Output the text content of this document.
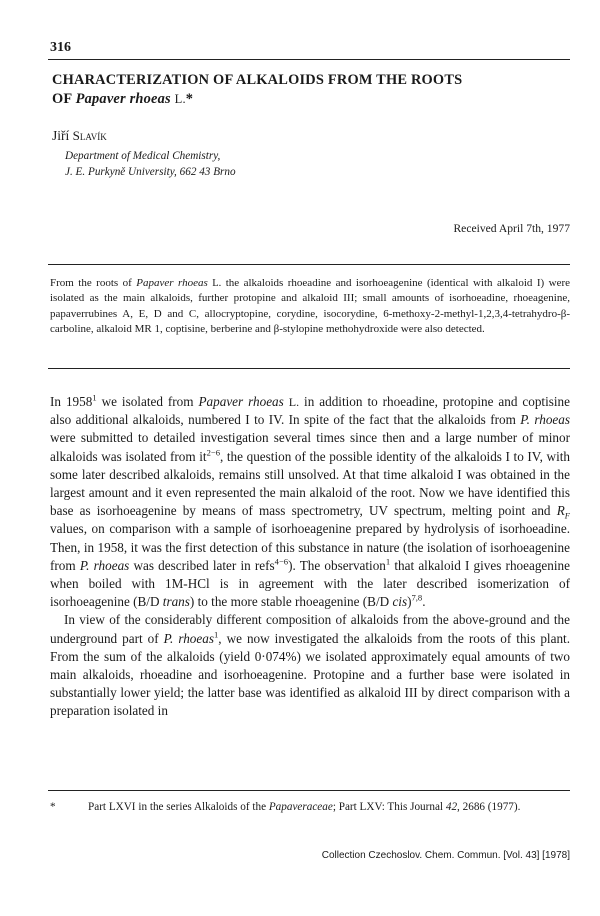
316
CHARACTERIZATION OF ALKALOIDS FROM THE ROOTS
OF Papaver rhoeas L.*
Jiří Slavík
Department of Medical Chemistry,
J. E. Purkyně University, 662 43 Brno
Received April 7th, 1977

From the roots of Papaver rhoeas L. the alkaloids rhoeadine and isorhoeagenine (identical with alkaloid I) were isolated as the main alkaloids, further protopine and alkaloid III; small amounts of isorhoeadine, rhoeagenine, papaverrubines A, E, D and C, allocryptopine, corydine, isocorydine, 6-methoxy-2-methyl-1,2,3,4-tetrahydro-β-carboline, alkaloid MR 1, coptisine, berberine and β-stylopine methohydroxide were also detected.

In 1958$^1$ we isolated from Papaver rhoeas L. in addition to rhoeadine, protopine and coptisine also additional alkaloids, numbered I to IV. In spite of the fact that the alkaloids from P. rhoeas were submitted to detailed investigation several times since then and a large number of minor alkaloids was isolated from $it^{2-6}$, the question of the possible identity of the alkaloids I to IV, with some later described alkaloids, remains still unsolved. At that time alkaloid I was obtained in the largest amount and it even represented the main alkaloid of the root. Now we have identified this base as isorhoeagenine by means of mass spectrometry, UV spectrum, melting point and $R_F$ values, on comparison with a sample of isorhoeagenine prepared by hydrolysis of isorhoeadine. Then, in 1958, it was the first detection of this substance in nature (the isolation of isorhoeagenine from P. rhoeas was described later in refs$^{4-6}$). The observation$^1$ that alkaloid I gives rhoeagenine when boiled with 1M-HCl is in agreement with the later described isomerization of isorhoeagenine (B/D trans) to the more stable rhoeagenine (B/D cis)$^{7,8}$.

In view of the considerably different composition of alkaloids from the above-ground and the underground part of P. rhoeas$^1$, we now investigated the alkaloids from the roots of this plant. From the sum of the alkaloids (yield 0·074%) we isolated approximately equal amounts of two main alkaloids, rhoeadine and isorhoeagenine. Protopine and a further base were isolated in substantially lower yield; the latter base was identified as alkaloid III by direct comparison with a preparation isolated in

*	Part LXVI in the series Alkaloids of the Papaveraceae; Part LXV: This Journal 42, 2686 (1977).
Collection Czechoslov. Chem. Commun. [Vol. 43] [1978]
